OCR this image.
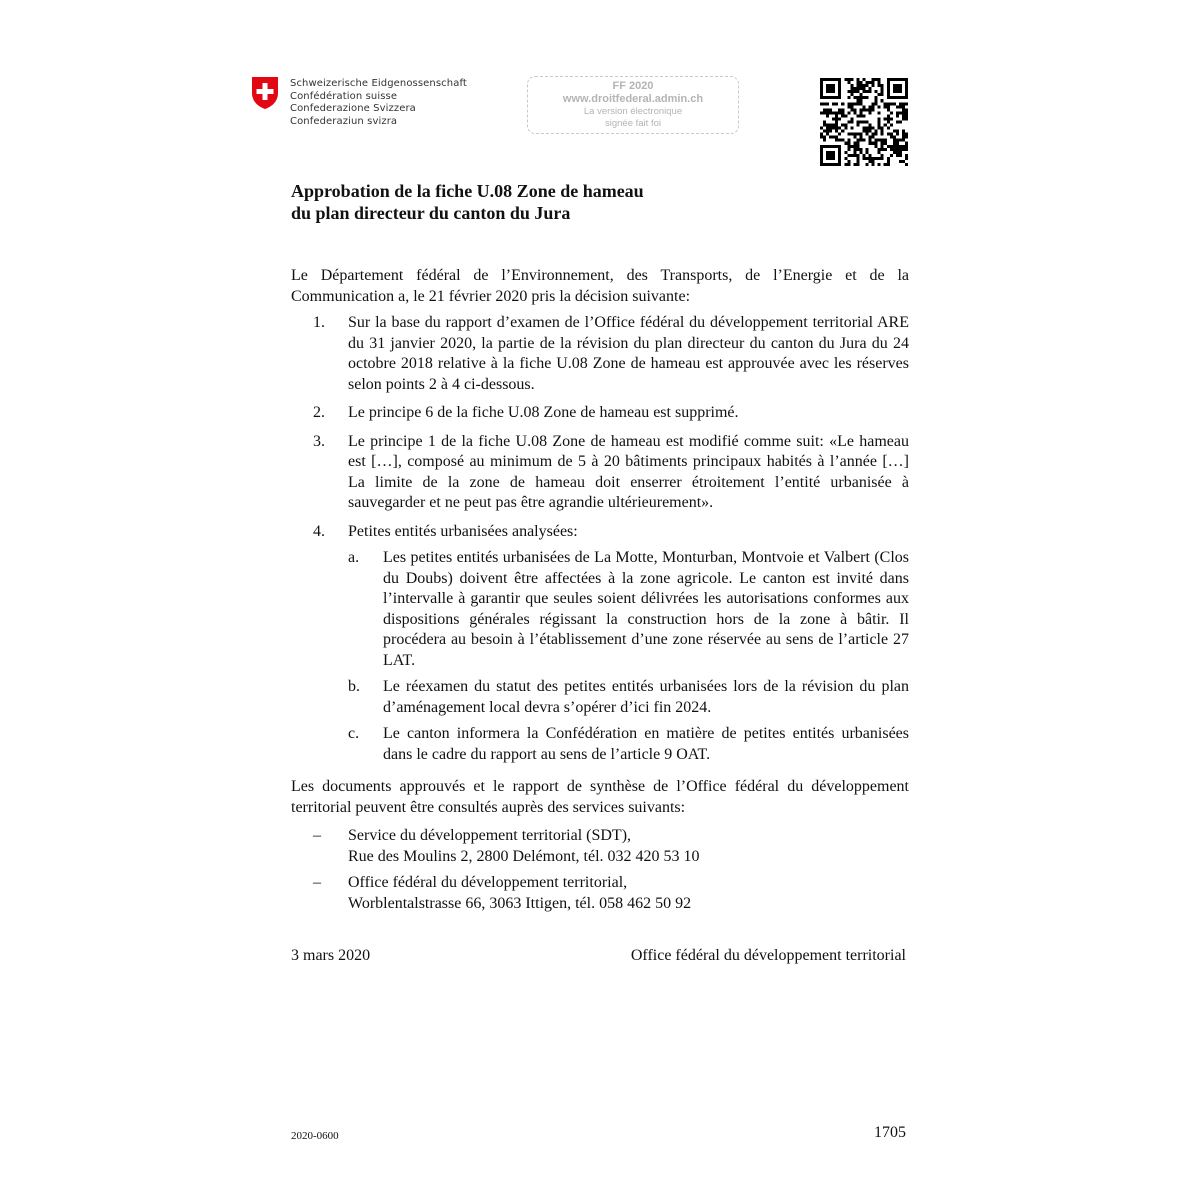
Schweizerische Eidgenossenschaft
Confédération suisse
Confederazione Svizzera
Confederaziun svizra
FF 2020
www.droitfederal.admin.ch
La version électronique
signée fait foi
Approbation de la fiche U.08 Zone de hameau
du plan directeur du canton du Jura

Le Département fédéral de l’Environnement, des Transports, de l’Energie et de la Communication a, le 21 février 2020 pris la décision suivante:

1.	Sur la base du rapport d’examen de l’Office fédéral du développement territorial ARE du 31 janvier 2020, la partie de la révision du plan directeur du canton du Jura du 24 octobre 2018 relative à la fiche U.08 Zone de hameau est approuvée avec les réserves selon points 2 à 4 ci-dessous.
2.	Le principe 6 de la fiche U.08 Zone de hameau est supprimé.
3.	Le principe 1 de la fiche U.08 Zone de hameau est modifié comme suit: «Le hameau est […], composé au minimum de 5 à 20 bâtiments principaux habités à l’année […] La limite de la zone de hameau doit enserrer étroitement l’entité urbanisée à sauvegarder et ne peut pas être agrandie ultérieurement».
4.	Petites entités urbanisées analysées:
a.	Les petites entités urbanisées de La Motte, Monturban, Montvoie et Valbert (Clos du Doubs) doivent être affectées à la zone agricole. Le canton est invité dans l’intervalle à garantir que seules soient délivrées les autorisations conformes aux dispositions générales régissant la construction hors de la zone à bâtir. Il procédera au besoin à l’établissement d’une zone réservée au sens de l’article 27 LAT.
b.	Le réexamen du statut des petites entités urbanisées lors de la révision du plan d’aménagement local devra s’opérer d’ici fin 2024.
c.	Le canton informera la Confédération en matière de petites entités urbanisées dans le cadre du rapport au sens de l’article 9 OAT.

Les documents approuvés et le rapport de synthèse de l’Office fédéral du développement territorial peuvent être consultés auprès des services suivants:

–	Service du développement territorial (SDT),
Rue des Moulins 2, 2800 Delémont, tél. 032 420 53 10
–	Office fédéral du développement territorial,
Worblentalstrasse 66, 3063 Ittigen, tél. 058 462 50 92
3 mars 2020	Office fédéral du développement territorial
2020-0600	1705
